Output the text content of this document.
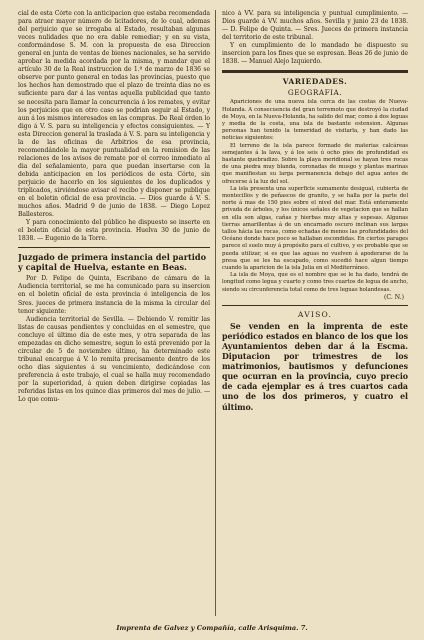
cial de esta Córte con la anticipacion que estaba recomendada para atraer mayor número de licitadores, de lo cual, ademas del perjuicio que se irrogaba al Estado, resultaban algunas veces nulidades que no era dable remediar; y en su vista, conformándose S. M. con la propuesta de esa Direccion general en junta de ventas de bienes nacionales, se ha servido aprobar la medida acordada por la misma, y mandar que el artículo 30 de la Real instruccion de 1.º de marzo de 1836 se observe por punto general en todas las provincias, puesto que los hechos han demostrado que el plazo de treinta dias no es suficiente para dar á las ventas aquella publicidad que tanto se necesita para llamar la concurrencia á los remates, y evitar los perjuicios que en otro caso se podrian seguir al Estado, y aun á los mismos interesados en las compras. De Real órden lo digo á V. S. para su inteligencia y efectos consiguientes. — Y esta Direccion general la traslada á V. S. para su inteligencia y la de las oficinas de Arbitrios de esa provincia, recomendándole la mayor puntualidad en la remision de las relaciones de los avisos de remate por el correo inmediato al dia del señalamiento, para que puedan insertarse con la debida anticipacion en los periódicos de esta Córte, sin perjuicio de hacerlo en los siguientes de los duplicados y triplicados, sirviéndose avisar el recibo y disponer se publique en el boletin oficial de esa provincia. — Dios guarde á V. S. muchos años. Madrid 9 de junio de 1838. — Diego Lopez Ballesteros.

Y para conocimiento del público he dispuesto se inserte en el boletin oficial de esta provincia. Huelva 30 de junio de 1838. — Eugenio de la Torre.

Juzgado de primera instancia del partido y capital de Huelva, estante en Beas.

Por D. Felipe de Quinta, Escribano de cámara de la Audiencia territorial, se me ha comunicado para su insercion en el boletin oficial de esta provincia é inteligencia de los Sres. jueces de primera instancia de la misma la circular del tenor siguiente:

Audiencia territorial de Sevilla. — Debiendo V. remitir las listas de causas pendientes y concluidas en el semestre, que concluye el último dia de este mes, y otra separada de las empezadas en dicho semestre, segun lo está prevenido por la circular de 5 de noviembre último, ha determinado este tribunal encargue á V. lo remita precisamente dentro de los ocho dias siguientes á su vencimiento, dedicándose con preferencia á este trabajo, el cual se halla muy recomendado por la superioridad, á quien deben dirigirse copiadas las referidas listas en los quince dias primeros del mes de julio. — Lo que comu-

nico á VV. para su inteligencia y puntual cumplimiento. — Dios guarde á VV. muchos años. Sevilla y junio 23 de 1838. — D. Felipe de Quinta. — Sres. Jueces de primera instancia del territorio de este tribunal.

Y en cumplimiento de lo mandado he dispuesto su insercion para los fines que se espresan. Beas 26 de junio de 1838. — Manuel Alejo Izquierdo.

VARIEDADES.
GEOGRAFIA.

Apariciones de una nueva isla cerca de las costas de Nueva-Holanda. A consecuencia del gran terremoto que destroyó la ciudad de Moya, en la Nueva-Holanda, ha salido del mar, como á dos leguas y media de la costa, una isla de bastante estension. Algunas personas han tenido la temeridad de visitarla, y han dado las noticias siguientes:

El terreno de la isla parece formado de materias calcáreas semejantes á la lava, y á los seis ú ocho pies de profundidad es bastante quebradizo. Sobre la playa meridional se hayan tres rocas de una piedra muy blanda, coronadas de musgo y plantas marinas que manifiestan su larga permanencia debajo del agua antes de ofrecerse á la luz del sol.

La isla presenta una superficie sumamente desigual, cubierta de montecillos y de peñascos de granito, y se halla por la parte del norte á mas de 150 pies sobre el nivel del mar. Está enteramente privada de árboles, y los únicos señales de vegetacion que se hallan en ella son algas, cañas y hierbas muy altas y espesas. Algunas tierras amarillentas á de un encarnado oscuro inclinan sus largas tallos hácia las rocas, como echadas de menos las profundidades del Océano donde hace poco se hallaban escondidas. En ciertos parages parece el suelo muy á propósito para el cultivo, y es probable que se pueda utilizar, si es que las aguas no vuelven á apoderarse de la presa que se les ha escapado, como sucedió hace algun tiempo cuando la aparicion de la isla Julia en el Mediterráneo.

La isla de Moya, que es el nombre que se le ha dado, tendrá de longitud como legua y cuarto y como tres cuartos de legua de ancho, siendo su circunferencia total como de tres leguas holandesas.

(C. N.)
AVISO.

Se venden en la imprenta de este periódico estados en blanco de los que los Ayuntamientos deben dar á la Escma. Diputacion por trimestres de los matrimonios, bautismos y defunciones que ocurran en la provincia, cuyo precio de cada ejemplar es á tres cuartos cada uno de los dos primeros, y cuatro el último.

Imprenta de Galvez y Compañía, calle Arisquima. 7.
